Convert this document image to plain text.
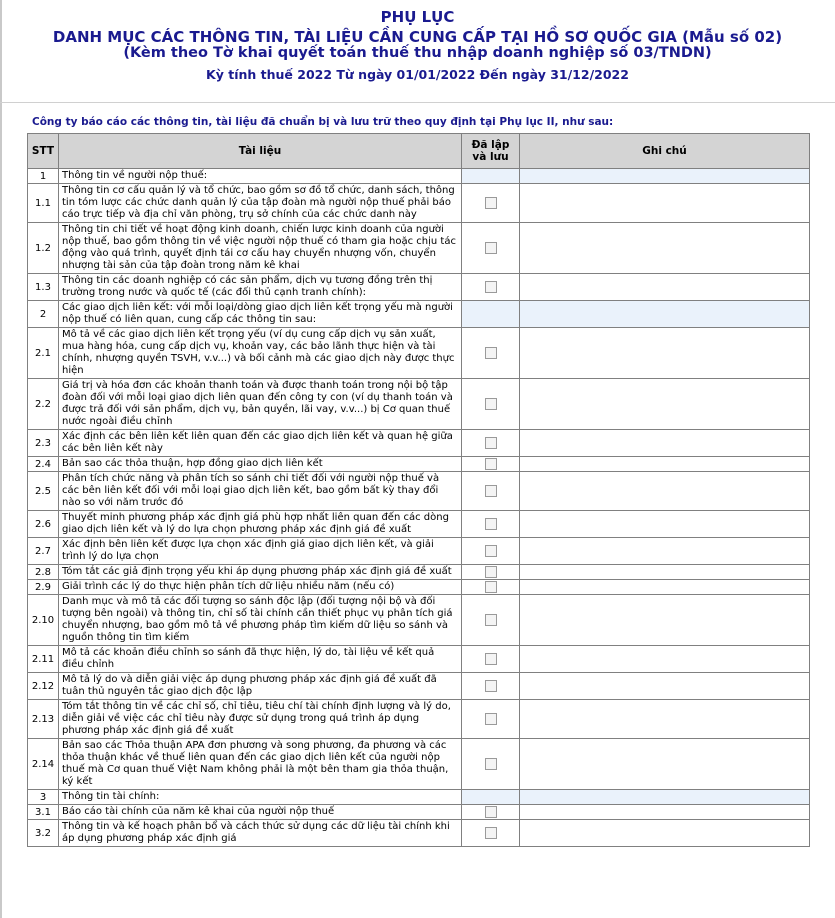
PHỤ LỤC
DANH MỤC CÁC THÔNG TIN, TÀI LIỆU CẦN CUNG CẤP TẠI HỒ SƠ QUỐC GIA (Mẫu số 02)
(Kèm theo Tờ khai quyết toán thuế thu nhập doanh nghiệp số 03/TNDN)
Kỳ tính thuế 2022 Từ ngày 01/01/2022 Đến ngày 31/12/2022
Công ty báo cáo các thông tin, tài liệu đã chuẩn bị và lưu trữ theo quy định tại Phụ lục II, như sau:
STT	Tài liệu	Đã lập và lưu	Ghi chú
1	Thông tin về người nộp thuế:		
1.1	Thông tin cơ cấu quản lý và tổ chức, bao gồm sơ đồ tổ chức, danh sách, thông tin tóm lược các chức danh quản lý của tập đoàn mà người nộp thuế phải báo cáo trực tiếp và địa chỉ văn phòng, trụ sở chính của các chức danh này		
1.2	Thông tin chi tiết về hoạt động kinh doanh, chiến lược kinh doanh của người nộp thuế, bao gồm thông tin về việc người nộp thuế có tham gia hoặc chịu tác động vào quá trình, quyết định tái cơ cấu hay chuyển nhượng vốn, chuyển nhượng tài sản của tập đoàn trong năm kê khai		
1.3	Thông tin các doanh nghiệp có các sản phẩm, dịch vụ tương đồng trên thị trường trong nước và quốc tế (các đối thủ cạnh tranh chính):		
2	Các giao dịch liên kết: với mỗi loại/dòng giao dịch liên kết trọng yếu mà người nộp thuế có liên quan, cung cấp các thông tin sau:		
2.1	Mô tả về các giao dịch liên kết trọng yếu (ví dụ cung cấp dịch vụ sản xuất, mua hàng hóa, cung cấp dịch vụ, khoản vay, các bảo lãnh thực hiện và tài chính, nhượng quyền TSVH, v.v...) và bối cảnh mà các giao dịch này được thực hiện		
2.2	Giá trị và hóa đơn các khoản thanh toán và được thanh toán trong nội bộ tập đoàn đối với mỗi loại giao dịch liên quan đến công ty con (ví dụ thanh toán và được trả đối với sản phẩm, dịch vụ, bản quyền, lãi vay, v.v...) bị Cơ quan thuế nước ngoài điều chỉnh		
2.3	Xác định các bên liên kết liên quan đến các giao dịch liên kết và quan hệ giữa các bên liên kết này		
2.4	Bản sao các thỏa thuận, hợp đồng giao dịch liên kết		
2.5	Phân tích chức năng và phân tích so sánh chi tiết đối với người nộp thuế và các bên liên kết đối với mỗi loại giao dịch liên kết, bao gồm bất kỳ thay đổi nào so với năm trước đó		
2.6	Thuyết minh phương pháp xác định giá phù hợp nhất liên quan đến các dòng giao dịch liên kết và lý do lựa chọn phương pháp xác định giá đề xuất		
2.7	Xác định bên liên kết được lựa chọn xác định giá giao dịch liên kết, và giải trình lý do lựa chọn		
2.8	Tóm tắt các giả định trọng yếu khi áp dụng phương pháp xác định giá đề xuất		
2.9	Giải trình các lý do thực hiện phân tích dữ liệu nhiều năm (nếu có)		
2.10	Danh mục và mô tả các đối tượng so sánh độc lập (đối tượng nội bộ và đối tượng bên ngoài) và thông tin, chỉ số tài chính cần thiết phục vụ phân tích giá chuyển nhượng, bao gồm mô tả về phương pháp tìm kiếm dữ liệu so sánh và nguồn thông tin tìm kiếm		
2.11	Mô tả các khoản điều chỉnh so sánh đã thực hiện, lý do, tài liệu về kết quả điều chỉnh		
2.12	Mô tả lý do và diễn giải việc áp dụng phương pháp xác định giá đề xuất đã tuân thủ nguyên tắc giao dịch độc lập		
2.13	Tóm tắt thông tin về các chỉ số, chỉ tiêu, tiêu chí tài chính định lượng và lý do, diễn giải về việc các chỉ tiêu này được sử dụng trong quá trình áp dụng phương pháp xác định giá đề xuất		
2.14	Bản sao các Thỏa thuận APA đơn phương và song phương, đa phương và các thỏa thuận khác về thuế liên quan đến các giao dịch liên kết của người nộp thuế mà Cơ quan thuế Việt Nam không phải là một bên tham gia thỏa thuận, ký kết		
3	Thông tin tài chính:		
3.1	Báo cáo tài chính của năm kê khai của người nộp thuế		
3.2	Thông tin và kế hoạch phân bổ và cách thức sử dụng các dữ liệu tài chính khi áp dụng phương pháp xác định giá		
